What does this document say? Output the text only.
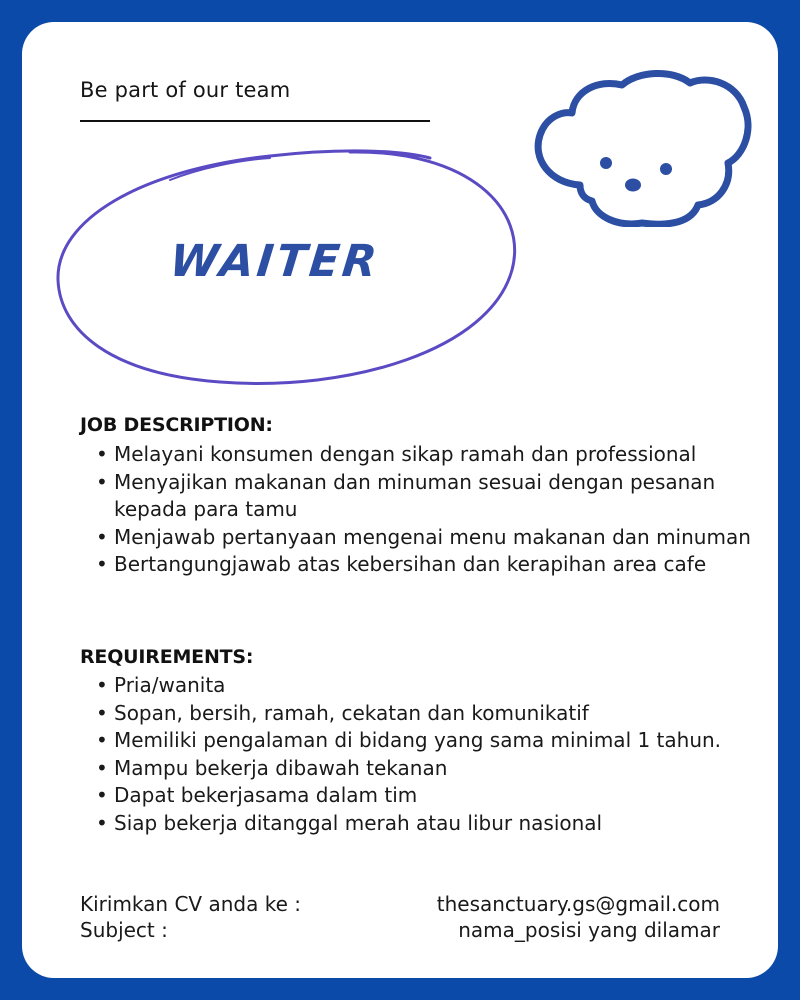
Be part of our team
WAITER
JOB DESCRIPTION:
• Melayani konsumen dengan sikap ramah dan professional
• Menyajikan makanan dan minuman sesuai dengan pesanan kepada para tamu
• Menjawab pertanyaan mengenai menu makanan dan minuman
• Bertangungjawab atas kebersihan dan kerapihan area cafe
REQUIREMENTS:
• Pria/wanita
• Sopan, bersih, ramah, cekatan dan komunikatif
• Memiliki pengalaman di bidang yang sama minimal 1 tahun.
• Mampu bekerja dibawah tekanan
• Dapat bekerjasama dalam tim
• Siap bekerja ditanggal merah atau libur nasional
Kirimkan CV anda ke :	thesanctuary.gs@gmail.com
Subject :	nama_posisi yang dilamar
